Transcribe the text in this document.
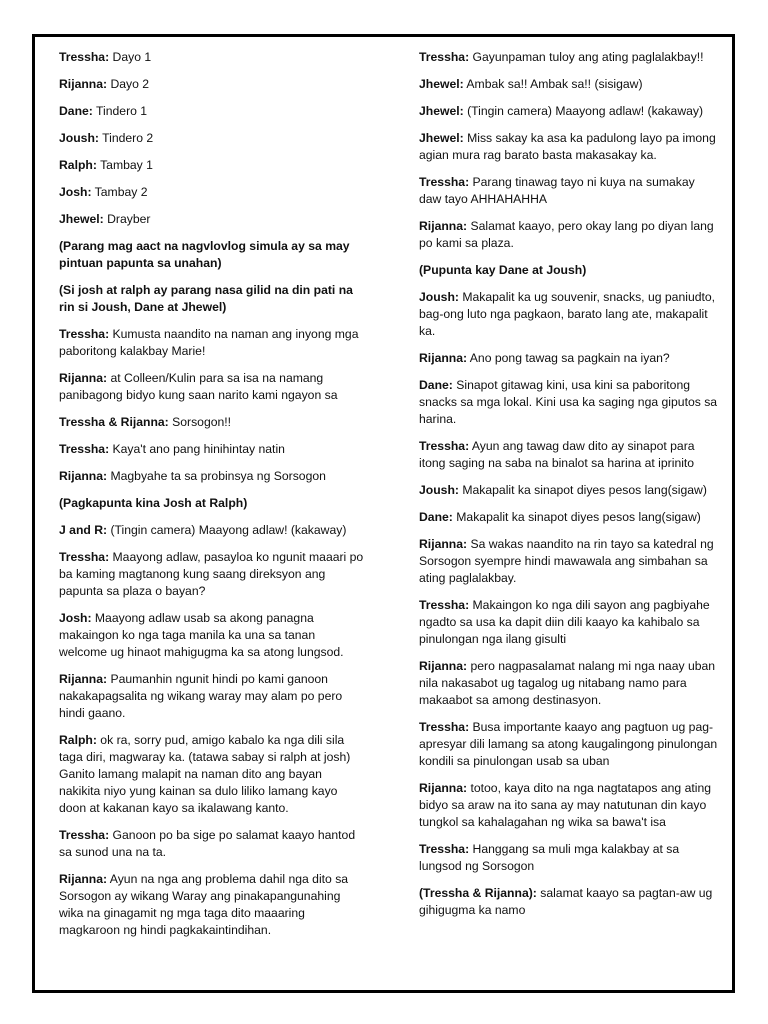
Tressha: Dayo 1
Rijanna: Dayo 2
Dane: Tindero 1
Joush: Tindero 2
Ralph: Tambay 1
Josh: Tambay 2
Jhewel: Drayber
(Parang mag aact na nagvlovlog simula ay sa may pintuan papunta sa unahan)
(Si josh at ralph ay parang nasa gilid na din pati na rin si Joush, Dane at Jhewel)
Tressha: Kumusta naandito na naman ang inyong mga paboritong kalakbay Marie!
Rijanna: at Colleen/Kulin para sa isa na namang panibagong bidyo kung saan narito kami ngayon sa
Tressha & Rijanna: Sorsogon!!
Tressha: Kaya't ano pang hinihintay natin
Rijanna: Magbyahe ta sa probinsya ng Sorsogon
(Pagkapunta kina Josh at Ralph)
J and R: (Tingin camera) Maayong adlaw! (kakaway)
Tressha: Maayong adlaw, pasayloa ko ngunit maaari po ba kaming magtanong kung saang direksyon ang papunta sa plaza o bayan?
Josh: Maayong adlaw usab sa akong panagna makaingon ko nga taga manila ka una sa tanan welcome ug hinaot mahigugma ka sa atong lungsod.
Rijanna: Paumanhin ngunit hindi po kami ganoon nakakapagsalita ng wikang waray may alam po pero hindi gaano.
Ralph: ok ra, sorry pud, amigo kabalo ka nga dili sila taga diri, magwaray ka. (tatawa sabay si ralph at josh) Ganito lamang malapit na naman dito ang bayan nakikita niyo yung kainan sa dulo liliko lamang kayo doon at kakanan kayo sa ikalawang kanto.
Tressha: Ganoon po ba sige po salamat kaayo hantod sa sunod una na ta.
Rijanna: Ayun na nga ang problema dahil nga dito sa Sorsogon ay wikang Waray ang pinakapangunahing wika na ginagamit ng mga taga dito maaaring magkaroon ng hindi pagkakaintindihan.
Tressha: Gayunpaman tuloy ang ating paglalakbay!!
Jhewel: Ambak sa!! Ambak sa!! (sisigaw)
Jhewel: (Tingin camera) Maayong adlaw! (kakaway)
Jhewel: Miss sakay ka asa ka padulong layo pa imong agian mura rag barato basta makasakay ka.
Tressha: Parang tinawag tayo ni kuya na sumakay daw tayo AHHAHAHHA
Rijanna: Salamat kaayo, pero okay lang po diyan lang po kami sa plaza.
(Pupunta kay Dane at Joush)
Joush: Makapalit ka ug souvenir, snacks, ug paniudto, bag-ong luto nga pagkaon, barato lang ate, makapalit ka.
Rijanna: Ano pong tawag sa pagkain na iyan?
Dane: Sinapot gitawag kini, usa kini sa paboritong snacks sa mga lokal. Kini usa ka saging nga giputos sa harina.
Tressha: Ayun ang tawag daw dito ay sinapot para itong saging na saba na binalot sa harina at iprinito
Joush: Makapalit ka sinapot diyes pesos lang(sigaw)
Dane: Makapalit ka sinapot diyes pesos lang(sigaw)
Rijanna: Sa wakas naandito na rin tayo sa katedral ng Sorsogon syempre hindi mawawala ang simbahan sa ating paglalakbay.
Tressha: Makaingon ko nga dili sayon ang pagbiyahe ngadto sa usa ka dapit diin dili kaayo ka kahibalo sa pinulongan nga ilang gisulti
Rijanna: pero nagpasalamat nalang mi nga naay uban nila nakasabot ug tagalog ug nitabang namo para makaabot sa among destinasyon.
Tressha: Busa importante kaayo ang pagtuon ug pag-apresyar dili lamang sa atong kaugalingong pinulongan kondili sa pinulongan usab sa uban
Rijanna: totoo, kaya dito na nga nagtatapos ang ating bidyo sa araw na ito sana ay may natutunan din kayo tungkol sa kahalagahan ng wika sa bawa't isa
Tressha: Hanggang sa muli mga kalakbay at sa lungsod ng Sorsogon
(Tressha & Rijanna): salamat kaayo sa pagtan-aw ug gihigugma ka namo
